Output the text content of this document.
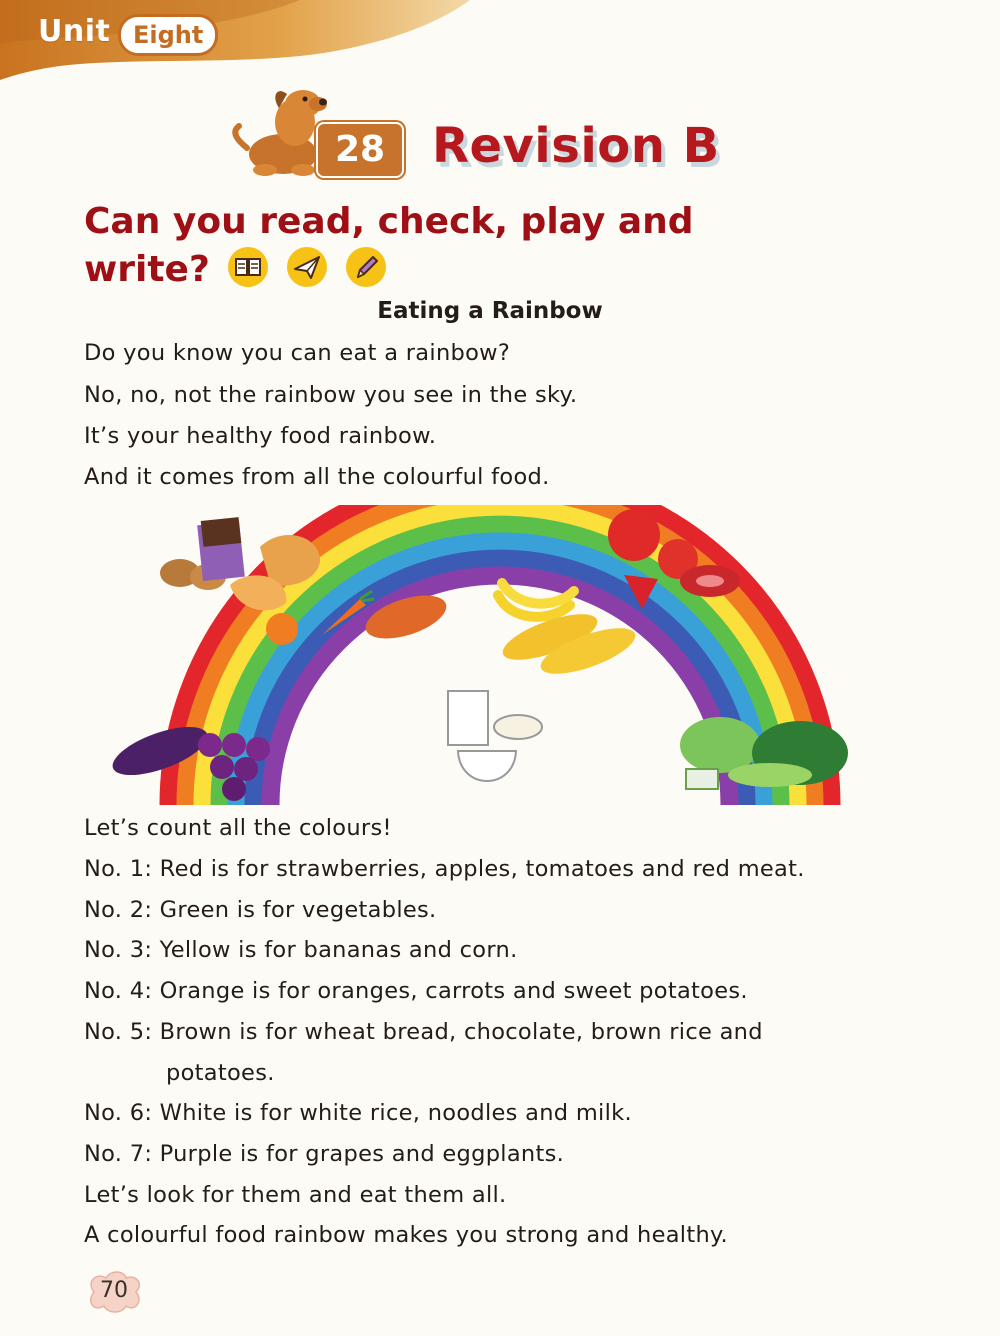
Unit Eight
28 Revision B
Can you read, check, play and
write?

Eating a Rainbow
Do you know you can eat a rainbow?
No, no, not the rainbow you see in the sky.
It’s your healthy food rainbow.
And it comes from all the colourful food.
Let’s count all the colours!
No. 1: Red is for strawberries, apples, tomatoes and red meat.
No. 2: Green is for vegetables.
No. 3: Yellow is for bananas and corn.
No. 4: Orange is for oranges, carrots and sweet potatoes.
No. 5: Brown is for wheat bread, chocolate, brown rice and
potatoes.
No. 6: White is for white rice, noodles and milk.
No. 7: Purple is for grapes and eggplants.
Let’s look for them and eat them all.
A colourful food rainbow makes you strong and healthy.
70
